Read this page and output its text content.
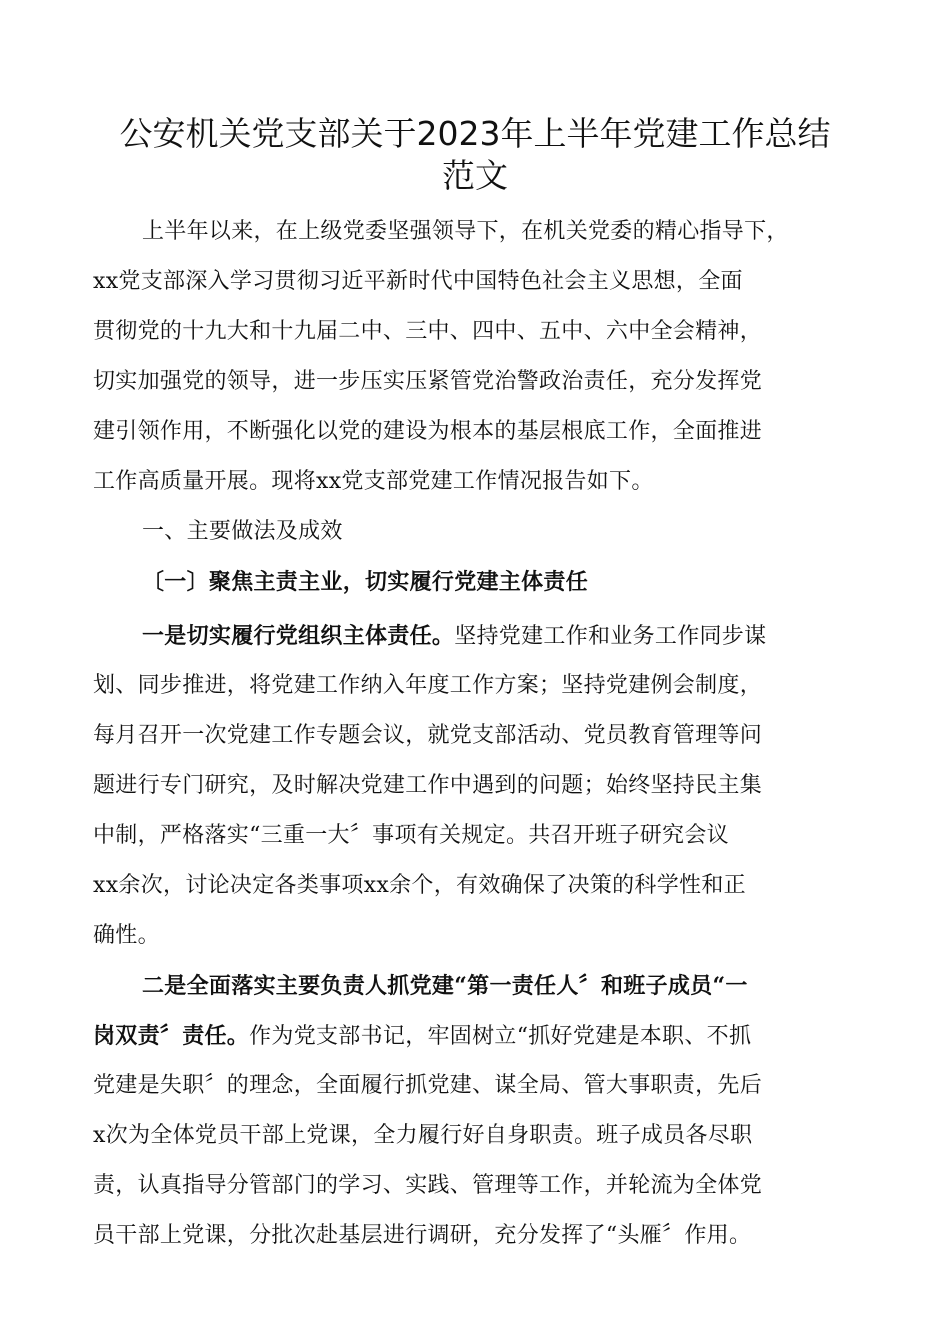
公安机关党支部关于2023年上半年党建工作总结
范文
上半年以来，在上级党委坚强领导下，在机关党委的精心指导下，
xx党支部深入学习贯彻习近平新时代中国特色社会主义思想，全面
贯彻党的十九大和十九届二中、三中、四中、五中、六中全会精神，
切实加强党的领导，进一步压实压紧管党治警政治责任，充分发挥党
建引领作用，不断强化以党的建设为根本的基层根底工作，全面推进
工作高质量开展。现将xx党支部党建工作情况报告如下。
一、主要做法及成效
〔一〕聚焦主责主业，切实履行党建主体责任
一是切实履行党组织主体责任。坚持党建工作和业务工作同步谋
划、同步推进，将党建工作纳入年度工作方案；坚持党建例会制度，
每月召开一次党建工作专题会议，就党支部活动、党员教育管理等问
题进行专门研究，及时解决党建工作中遇到的问题；始终坚持民主集
中制，严格落实“三重一大〞事项有关规定。共召开班子研究会议
xx余次，讨论决定各类事项xx余个，有效确保了决策的科学性和正
确性。
二是全面落实主要负责人抓党建“第一责任人〞和班子成员“一
岗双责〞责任。作为党支部书记，牢固树立“抓好党建是本职、不抓
党建是失职〞的理念，全面履行抓党建、谋全局、管大事职责，先后
x次为全体党员干部上党课，全力履行好自身职责。班子成员各尽职
责，认真指导分管部门的学习、实践、管理等工作，并轮流为全体党
员干部上党课，分批次赴基层进行调研，充分发挥了“头雁〞作用。
